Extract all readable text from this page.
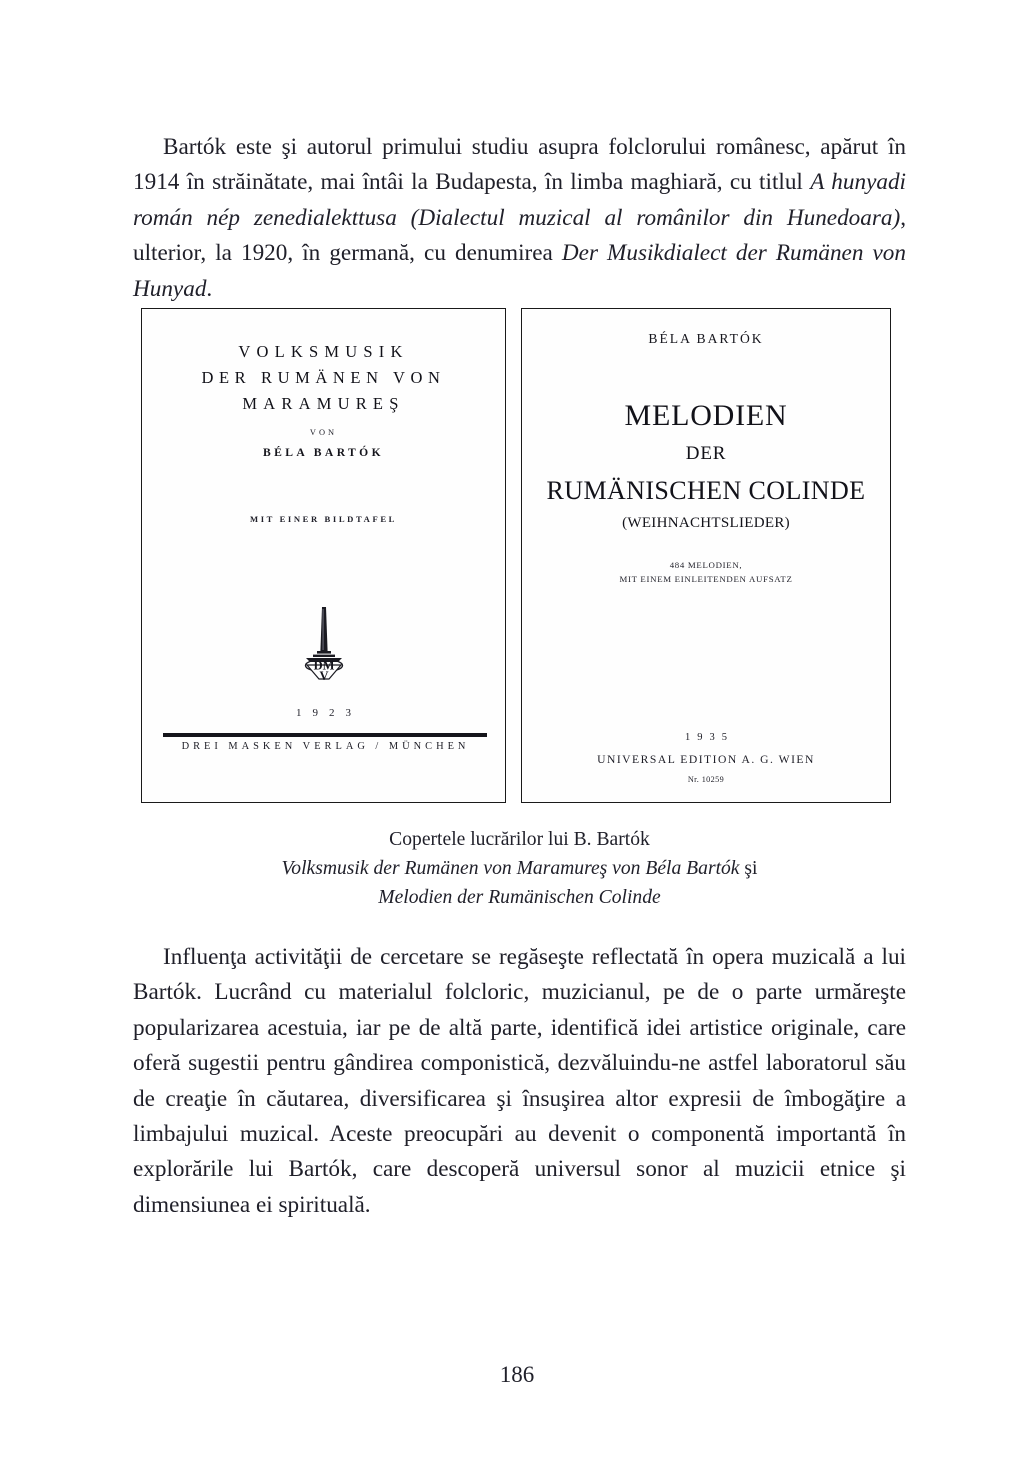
Bartók este şi autorul primului studiu asupra folclorului românesc, apărut în 1914 în străinătate, mai întâi la Budapesta, în limba maghiară, cu titlul A hunyadi román nép zenedialekttusa (Dialectul muzical al românilor din Hunedoara), ulterior, la 1920, în germană, cu denumirea Der Musikdialect der Rumänen von Hunyad.

VOLKSMUSIK
DER RUMÄNEN VON
MARAMUREŞ
VON
BÉLA BARTÓK
MIT EINER BILDTAFEL
DM
V
1923
DREI MASKEN VERLAG / MÜNCHEN
BÉLA BARTÓK
MELODIEN
DER
RUMÄNISCHEN COLINDE
(WEIHNACHTSLIEDER)
484 MELODIEN,
MIT EINEM EINLEITENDEN AUFSATZ
1935
UNIVERSAL EDITION A. G. WIEN
Nr. 10259
Copertele lucrărilor lui B. Bartók
Volksmusik der Rumänen von Maramureş von Béla Bartók şi
Melodien der Rumänischen Colinde

Influenţa activităţii de cercetare se regăseşte reflectată în opera muzicală a lui Bartók. Lucrând cu materialul folcloric, muzicianul, pe de o parte urmăreşte popularizarea acestuia, iar pe de altă parte, identifică idei artistice originale, care oferă sugestii pentru gândirea componistică, dezvăluindu-ne astfel laboratorul său de creaţie în căutarea, diversificarea şi însuşirea altor expresii de îmbogăţire a limbajului muzical. Aceste preocupări au devenit o componentă importantă în explorările lui Bartók, care descoperă universul sonor al muzicii etnice şi dimensiunea ei spirituală.

186
